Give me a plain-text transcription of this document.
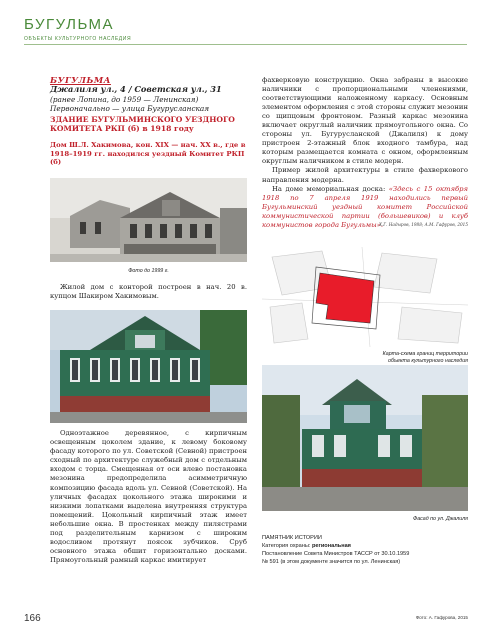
БУГУЛЬМА
ОБЪЕКТЫ КУЛЬТУРНОГО НАСЛЕДИЯ
БУГУЛЬМА
Джалиля ул., 4 / Советская ул., 31
(ранее Лопина, до 1959 — Ленинская)
Первоначально — улица Бугурусланская
ЗДАНИЕ БУГУЛЬМИНСКОГО УЕЗДНОГО КОМИТЕТА РКП (б) в 1918 году
Дом Ш.Л. Хакимова, кон. XIX — нач. XX в., где в 1918–1919 гг. находился уездный Комитет РКП (б)

фахверковую конструкцию. Окна забраны в высокие наличники с пропорциональными членениями, соответствующими наложенному каркасу. Основным элементом оформления с этой стороны служит мезонин со щипцовым фронтоном. Разный каркас мезонина включает округлый наличник прямоугольного окна. Со стороны ул. Бугурусланской (Джалиля) к дому пристроен 2-этажный блок входного тамбура, над которым размещается комната с окном, оформленным округлым наличником в стиле модерн.

Пример жилой архитектуры в стиле фахверкового направления модерна.

На доме мемориальная доска: «Здесь с 15 октября 1918 по 7 апреля 1919 находились первый Бугульминский уездный комитет Российской коммунистической партии (большевиков) и клуб коммунистов города Бугульмы».

Х.Г. Надыров, 1988; А.М. Гафуров, 2015
Фото до 1999 г.
Жилой дом с конторой построен в нач. 20 в. купцом Шакиром Хакимовым.
Карта-схема границ территории
объекта культурного наследия
Фасад по ул. Джалиля
Одноэтажное деревянное, с кирпичным освещенным цоколем здание, к левому боковому фасаду которого по ул. Советской (Севной) пристроен сходный по архитектуре служебный дом с отдельным входом с торца. Смещенная от оси влево постановка мезонина предопределила асимметричную композицию фасада вдоль ул. Севной (Советской). На уличных фасадах цокольного этажа широкими и низкими лопатками выделена внутренняя структура помещений. Цокольный кирпичный этаж имеет небольшие окна. В простенках между пилястрами под разделительным карнизом с широким водосливом протянут поясок зубчиков. Сруб основного этажа обшит горизонтально досками. Прямоугольный рамный каркас имитирует
ПАМЯТНИК ИСТОРИИ
Категория охраны: региональная
Постановление Совета Министров ТАССР от 30.10.1959
№ 591 (в этом документе значится по ул. Ленинская)
166	Фото: А. Гафурова, 2015
